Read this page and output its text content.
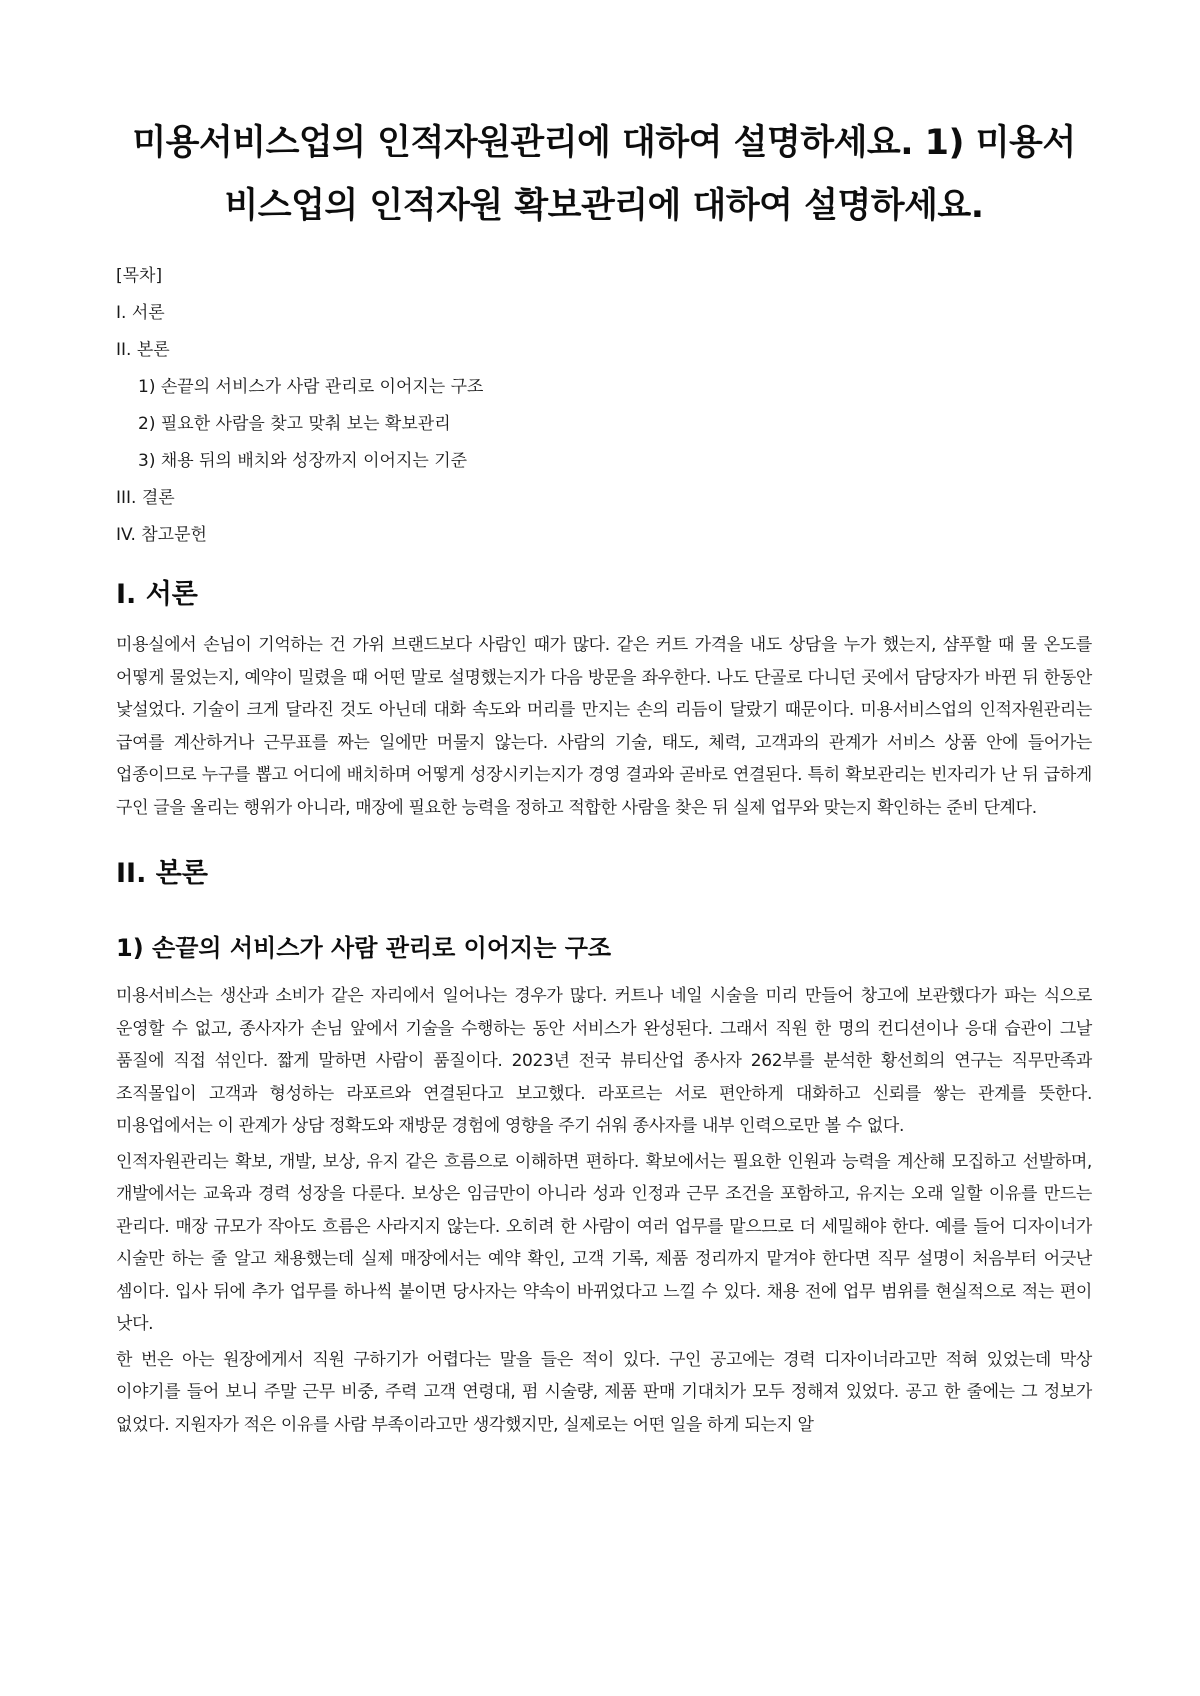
미용서비스업의 인적자원관리에 대하여 설명하세요. 1) 미용서비스업의 인적자원 확보관리에 대하여 설명하세요.
[목차]
I. 서론
II. 본론
1) 손끝의 서비스가 사람 관리로 이어지는 구조
2) 필요한 사람을 찾고 맞춰 보는 확보관리
3) 채용 뒤의 배치와 성장까지 이어지는 기준
III. 결론
IV. 참고문헌
I. 서론

미용실에서 손님이 기억하는 건 가위 브랜드보다 사람인 때가 많다. 같은 커트 가격을 내도 상담을 누가 했는지, 샴푸할 때 물 온도를 어떻게 물었는지, 예약이 밀렸을 때 어떤 말로 설명했는지가 다음 방문을 좌우한다. 나도 단골로 다니던 곳에서 담당자가 바뀐 뒤 한동안 낯설었다. 기술이 크게 달라진 것도 아닌데 대화 속도와 머리를 만지는 손의 리듬이 달랐기 때문이다. 미용서비스업의 인적자원관리는 급여를 계산하거나 근무표를 짜는 일에만 머물지 않는다. 사람의 기술, 태도, 체력, 고객과의 관계가 서비스 상품 안에 들어가는 업종이므로 누구를 뽑고 어디에 배치하며 어떻게 성장시키는지가 경영 결과와 곧바로 연결된다. 특히 확보관리는 빈자리가 난 뒤 급하게 구인 글을 올리는 행위가 아니라, 매장에 필요한 능력을 정하고 적합한 사람을 찾은 뒤 실제 업무와 맞는지 확인하는 준비 단계다.

II. 본론
1) 손끝의 서비스가 사람 관리로 이어지는 구조

미용서비스는 생산과 소비가 같은 자리에서 일어나는 경우가 많다. 커트나 네일 시술을 미리 만들어 창고에 보관했다가 파는 식으로 운영할 수 없고, 종사자가 손님 앞에서 기술을 수행하는 동안 서비스가 완성된다. 그래서 직원 한 명의 컨디션이나 응대 습관이 그날 품질에 직접 섞인다. 짧게 말하면 사람이 품질이다. 2023년 전국 뷰티산업 종사자 262부를 분석한 황선희의 연구는 직무만족과 조직몰입이 고객과 형성하는 라포르와 연결된다고 보고했다. 라포르는 서로 편안하게 대화하고 신뢰를 쌓는 관계를 뜻한다. 미용업에서는 이 관계가 상담 정확도와 재방문 경험에 영향을 주기 쉬워 종사자를 내부 인력으로만 볼 수 없다.

인적자원관리는 확보, 개발, 보상, 유지 같은 흐름으로 이해하면 편하다. 확보에서는 필요한 인원과 능력을 계산해 모집하고 선발하며, 개발에서는 교육과 경력 성장을 다룬다. 보상은 임금만이 아니라 성과 인정과 근무 조건을 포함하고, 유지는 오래 일할 이유를 만드는 관리다. 매장 규모가 작아도 흐름은 사라지지 않는다. 오히려 한 사람이 여러 업무를 맡으므로 더 세밀해야 한다. 예를 들어 디자이너가 시술만 하는 줄 알고 채용했는데 실제 매장에서는 예약 확인, 고객 기록, 제품 정리까지 맡겨야 한다면 직무 설명이 처음부터 어긋난 셈이다. 입사 뒤에 추가 업무를 하나씩 붙이면 당사자는 약속이 바뀌었다고 느낄 수 있다. 채용 전에 업무 범위를 현실적으로 적는 편이 낫다.

한 번은 아는 원장에게서 직원 구하기가 어렵다는 말을 들은 적이 있다. 구인 공고에는 경력 디자이너라고만 적혀 있었는데 막상 이야기를 들어 보니 주말 근무 비중, 주력 고객 연령대, 펌 시술량, 제품 판매 기대치가 모두 정해져 있었다. 공고 한 줄에는 그 정보가 없었다. 지원자가 적은 이유를 사람 부족이라고만 생각했지만, 실제로는 어떤 일을 하게 되는지 알
